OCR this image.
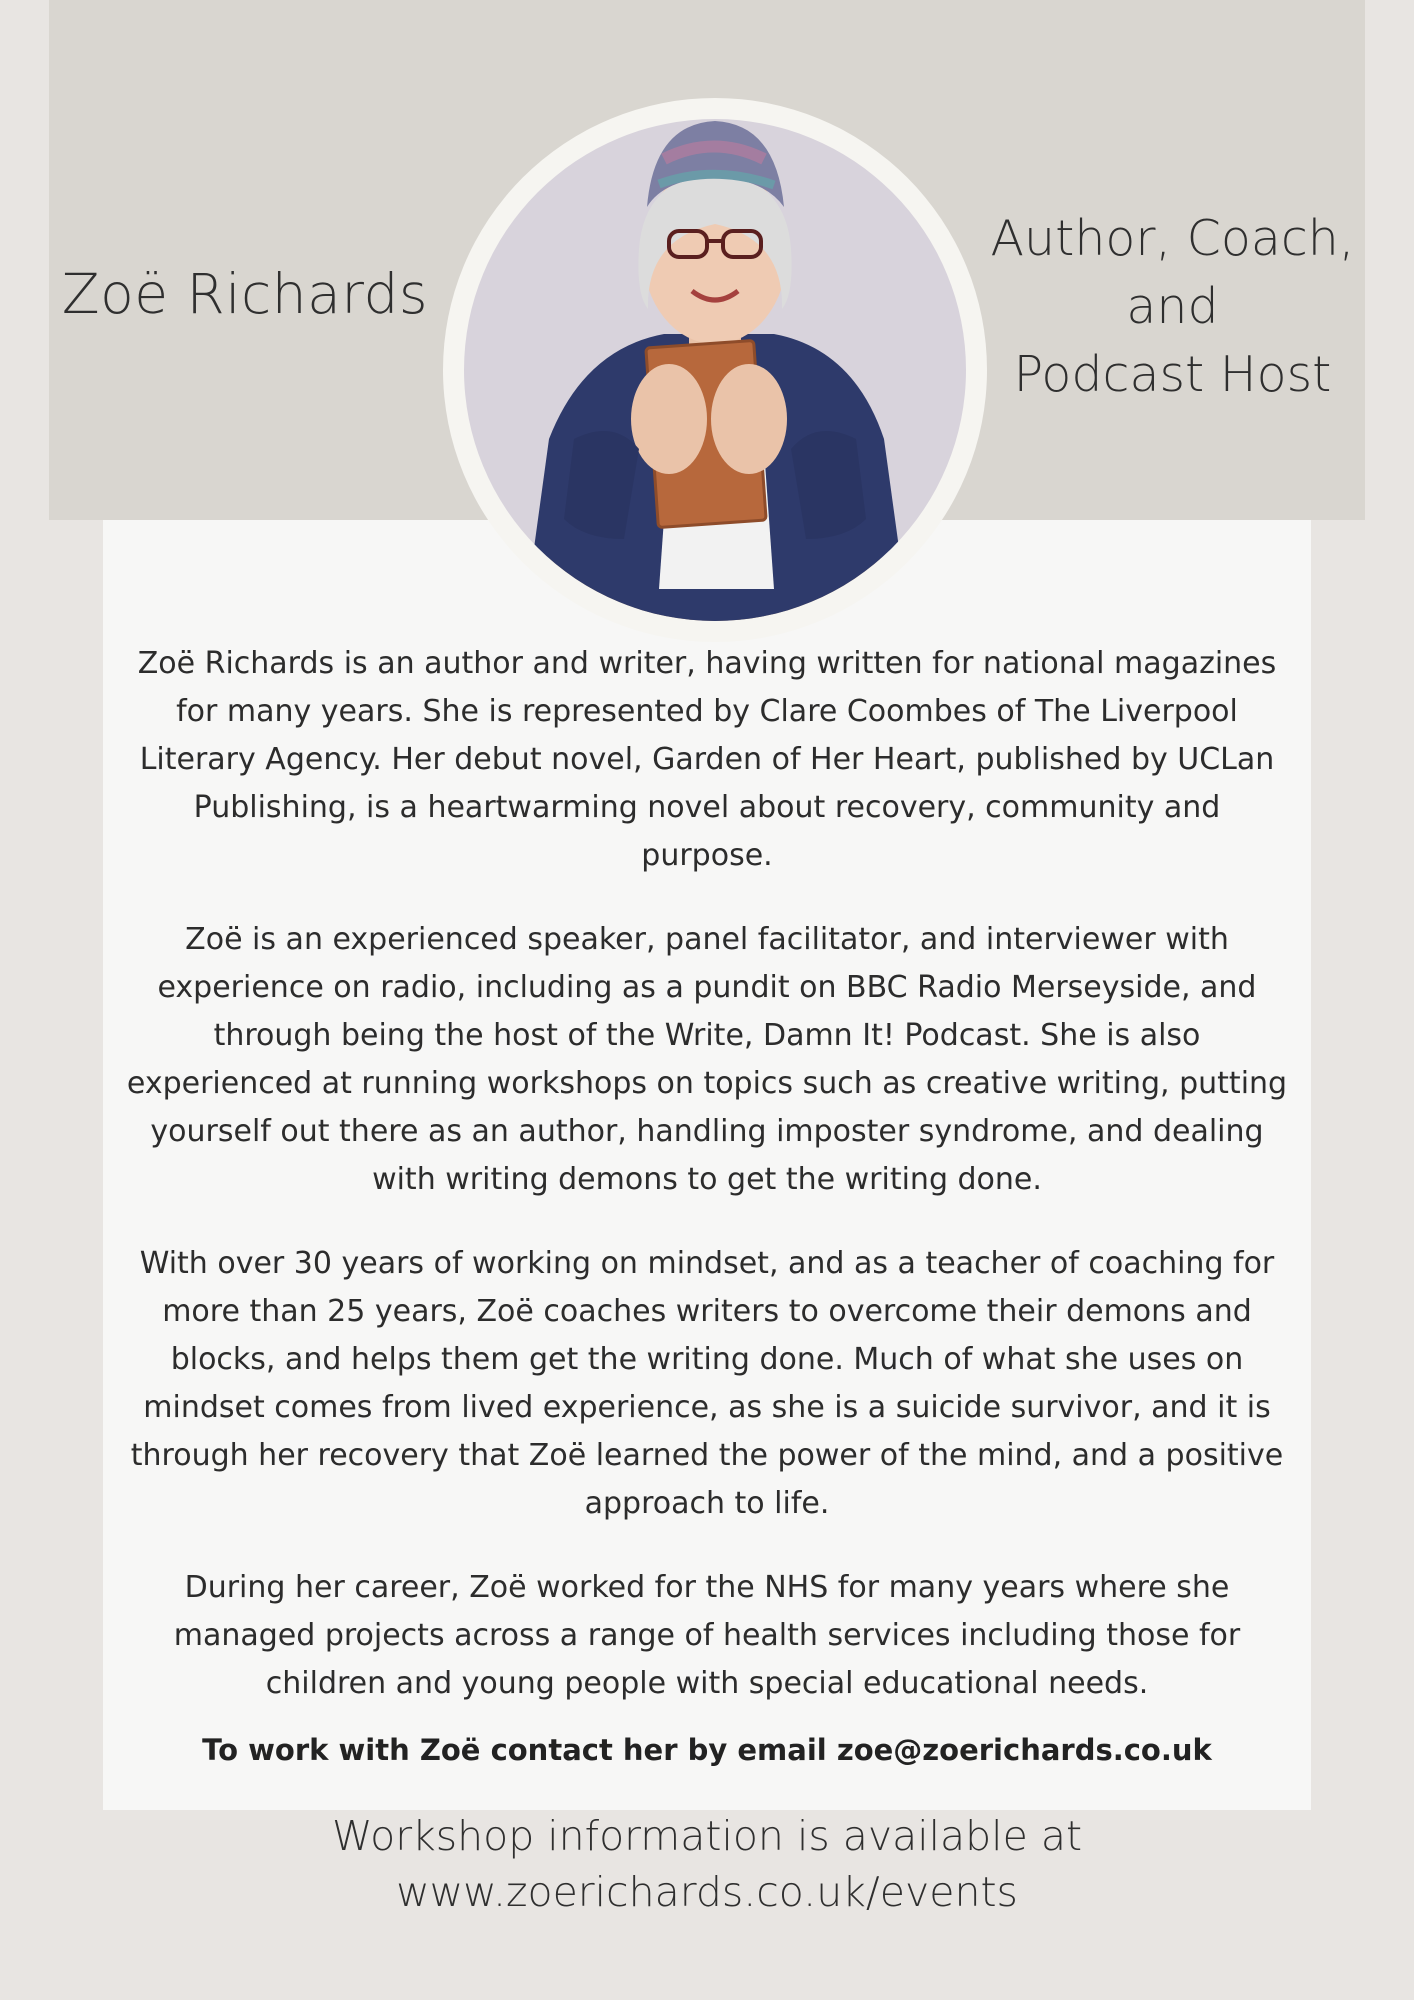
Zoë Richards
Author, Coach,
and
Podcast Host

Zoë Richards is an author and writer, having written for national magazines for many years. She is represented by Clare Coombes of The Liverpool Literary Agency. Her debut novel, Garden of Her Heart, published by UCLan Publishing, is a heartwarming novel about recovery, community and purpose.

Zoë is an experienced speaker, panel facilitator, and interviewer with experience on radio, including as a pundit on BBC Radio Merseyside, and through being the host of the Write, Damn It! Podcast. She is also experienced at running workshops on topics such as creative writing, putting yourself out there as an author, handling imposter syndrome, and dealing with writing demons to get the writing done.

With over 30 years of working on mindset, and as a teacher of coaching for more than 25 years, Zoë coaches writers to overcome their demons and blocks, and helps them get the writing done. Much of what she uses on mindset comes from lived experience, as she is a suicide survivor, and it is through her recovery that Zoë learned the power of the mind, and a positive approach to life.

During her career, Zoë worked for the NHS for many years where she managed projects across a range of health services including those for children and young people with special educational needs.

To work with Zoë contact her by email zoe@zoerichards.co.uk

Workshop information is available at
www.zoerichards.co.uk/events
